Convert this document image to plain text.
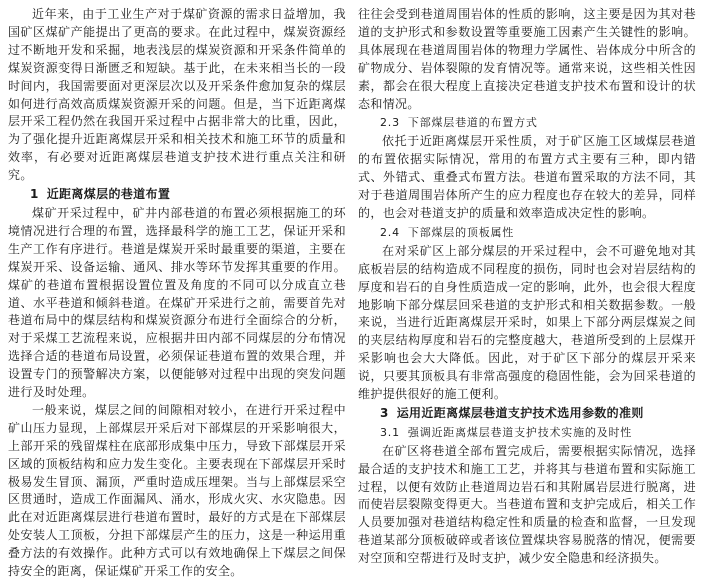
近年来，由于工业生产对于煤矿资源的需求日益增加，我国矿区煤矿产能提出了更高的要求。在此过程中，煤炭资源经过不断地开发和采掘，地表浅层的煤炭资源和开采条件简单的煤炭资源变得日渐匮乏和短缺。基于此，在未来相当长的一段时间内，我国需要面对更深层次以及开采条件愈加复杂的煤层如何进行高效高质煤炭资源开采的问题。但是，当下近距离煤层开采工程仍然在我国开采过程中占据非常大的比重，因此，为了强化提升近距离煤层开采和相关技术和施工环节的质量和效率，有必要对近距离煤层巷道支护技术进行重点关注和研究。

1 近距离煤层的巷道布置

煤矿开采过程中，矿井内部巷道的布置必须根据施工的环境情况进行合理的布置，选择最科学的施工工艺，保证开采和生产工作有序进行。巷道是煤炭开采时最重要的渠道，主要在煤炭开采、设备运输、通风、排水等环节发挥其重要的作用。煤矿的巷道布置根据设置位置及角度的不同可以分成直立巷道、水平巷道和倾斜巷道。在煤矿开采进行之前，需要首先对巷道布局中的煤层结构和煤炭资源分布进行全面综合的分析，对于采煤工艺流程来说，应根据井田内部不同煤层的分布情况选择合适的巷道布局设置，必须保证巷道布置的效果合理，并设置专门的预警解决方案，以便能够对过程中出现的突发问题进行及时处理。

一般来说，煤层之间的间隙相对较小，在进行开采过程中矿山压力显现，上部煤层开采后对下部煤层的开采影响很大，上部开采的残留煤柱在底部形成集中压力，导致下部煤层开采区域的顶板结构和应力发生变化。主要表现在下部煤层开采时极易发生冒顶、漏顶，严重时造成压埋架。当与上部煤层采空区贯通时，造成工作面漏风、涌水，形成火灾、水灾隐患。因此在对近距离煤层进行巷道布置时，最好的方式是在下部煤层处安装人工顶板，分担下部煤层产生的压力，这是一种运用重叠方法的有效操作。此种方式可以有效地确保上下煤层之间保持安全的距离，保证煤矿开采工作的安全。

往往会受到巷道周围岩体的性质的影响，这主要是因为其对巷道的支护形式和参数设置等重要施工因素产生关键性的影响。具体展现在巷道周围岩体的物理力学属性、岩体成分中所含的矿物成分、岩体裂隙的发育情况等。通常来说，这些相关性因素，都会在很大程度上直接决定巷道支护技术布置和设计的状态和情况。

2.3 下部煤层巷道的布置方式

依托于近距离煤层开采性质，对于矿区施工区域煤层巷道的布置依据实际情况，常用的布置方式主要有三种，即内错式、外错式、重叠式布置方法。巷道布置采取的方法不同，其对于巷道周围岩体所产生的应力程度也存在较大的差异，同样的，也会对巷道支护的质量和效率造成决定性的影响。

2.4 下部煤层的顶板属性

在对采矿区上部分煤层的开采过程中，会不可避免地对其底板岩层的结构造成不同程度的损伤，同时也会对岩层结构的厚度和岩石的自身性质造成一定的影响，此外，也会很大程度地影响下部分煤层回采巷道的支护形式和相关数据参数。一般来说，当进行近距离煤层开采时，如果上下部分两层煤炭之间的夹层结构厚度和岩石的完整度越大，巷道所受到的上层煤开采影响也会大大降低。因此，对于矿区下部分的煤层开采来说，只要其顶板具有非常高强度的稳固性能，会为回采巷道的维护提供很好的施工便利。

3 运用近距离煤层巷道支护技术选用参数的准则
3.1 强调近距离煤层巷道支护技术实施的及时性

在矿区将巷道全部布置完成后，需要根据实际情况，选择最合适的支护技术和施工工艺，并将其与巷道布置和实际施工过程，以便有效防止巷道周边岩石和其附属岩层进行脱离，进而使岩层裂隙变得更大。当巷道布置和支护完成后，相关工作人员要加强对巷道结构稳定性和质量的检查和监督，一旦发现巷道某部分顶板破碎或者该位置煤块容易脱落的情况，便需要对空顶和空帮进行及时支护，减少安全隐患和经济损失。
